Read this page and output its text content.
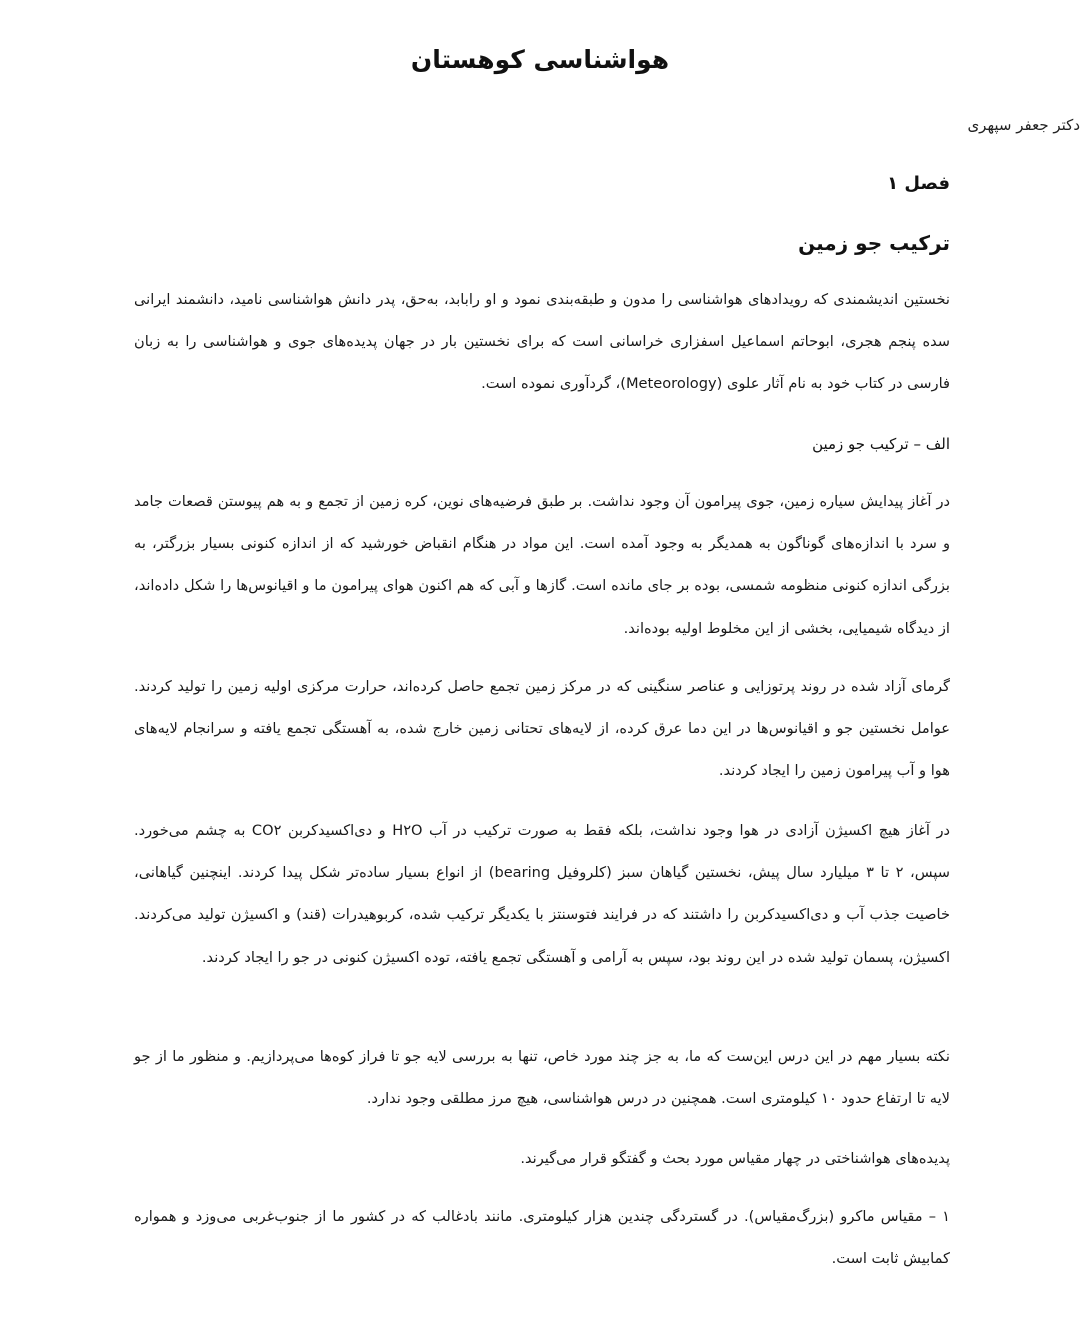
هواشناسی کوهستان
دکتر جعفر سپهری
فصل ۱
ترکیب جو زمین
نخستین اندیشمندی که رویدادهای هواشناسی را مدون و طبقه‌بندی نمود و او رابابد، به‌حق، پدر دانش هواشناسی نامید، دانشمند ایرانی سده پنجم هجری، ابوحاتم اسماعیل اسفزاری خراسانی است که برای نخستین بار در جهان پدیده‌های جوی و هواشناسی را به زبان فارسی در کتاب خود به نام آثار علوی (Meteorology)، گردآوری نموده است.
الف – ترکیب جو زمین
در آغاز پیدایش سیاره زمین، جوی پیرامون آن وجود نداشت. بر طبق فرضیه‌های نوین، کره زمین از تجمع و به هم پیوستن قصعات جامد و سرد با اندازه‌های گوناگون به همدیگر به وجود آمده است. این مواد در هنگام انقباض خورشید که از اندازه کنونی بسیار بزرگتر، به بزرگی اندازه کنونی منظومه شمسی، بوده بر جای مانده است. گازها و آبی که هم اکنون هوای پیرامون ما و اقیانوس‌ها را شکل داده‌اند، از دیدگاه شیمیایی، بخشی از این مخلوط اولیه بوده‌اند.
گرمای آزاد شده در روند پرتوزایی و عناصر سنگینی که در مرکز زمین تجمع حاصل کرده‌اند، حرارت مرکزی اولیه زمین را تولید کردند. عوامل نخستین جو و اقیانوس‌ها در این دما عرق کرده، از لایه‌های تحتانی زمین خارج شده، به آهستگی تجمع یافته و سرانجام لایه‌های هوا و آب پیرامون زمین را ایجاد کردند.
در آغاز هیچ اکسیژن آزادی در هوا وجود نداشت، بلکه فقط به صورت ترکیب در آب H۲O و دی‌اکسیدکربن CO۲ به چشم می‌خورد. سپس، ۲ تا ۳ میلیارد سال پیش، نخستین گیاهان سبز (کلروفیل bearing) از انواع بسیار ساده‌تر شکل پیدا کردند. اینچنین گیاهانی، خاصیت جذب آب و دی‌اکسیدکربن را داشتند که در فرایند فتوسنتز با یکدیگر ترکیب شده، کربوهیدرات (قند) و اکسیژن تولید می‌کردند. اکسیژن، پسمان تولید شده در این روند بود، سپس به آرامی و آهستگی تجمع یافته، توده اکسیژن کنونی در جو را ایجاد کردند.
نکته بسیار مهم در این درس این‌ست که ما، به جز چند مورد خاص، تنها به بررسی لایه جو تا فراز کوه‌ها می‌پردازیم. و منظور ما از جو لایه تا ارتفاع حدود ۱۰ کیلومتری است. همچنین در درس هواشناسی، هیچ مرز مطلقی وجود ندارد.
پدیده‌های هواشناختی در چهار مقیاس مورد بحث و گفتگو قرار می‌گیرند.
۱ – مقیاس ماکرو (بزرگ‌مقیاس). در گستردگی چندین هزار کیلومتری. مانند بادغالب که در کشور ما از جنوب‌غربی می‌وزد و همواره کمابیش ثابت است.
